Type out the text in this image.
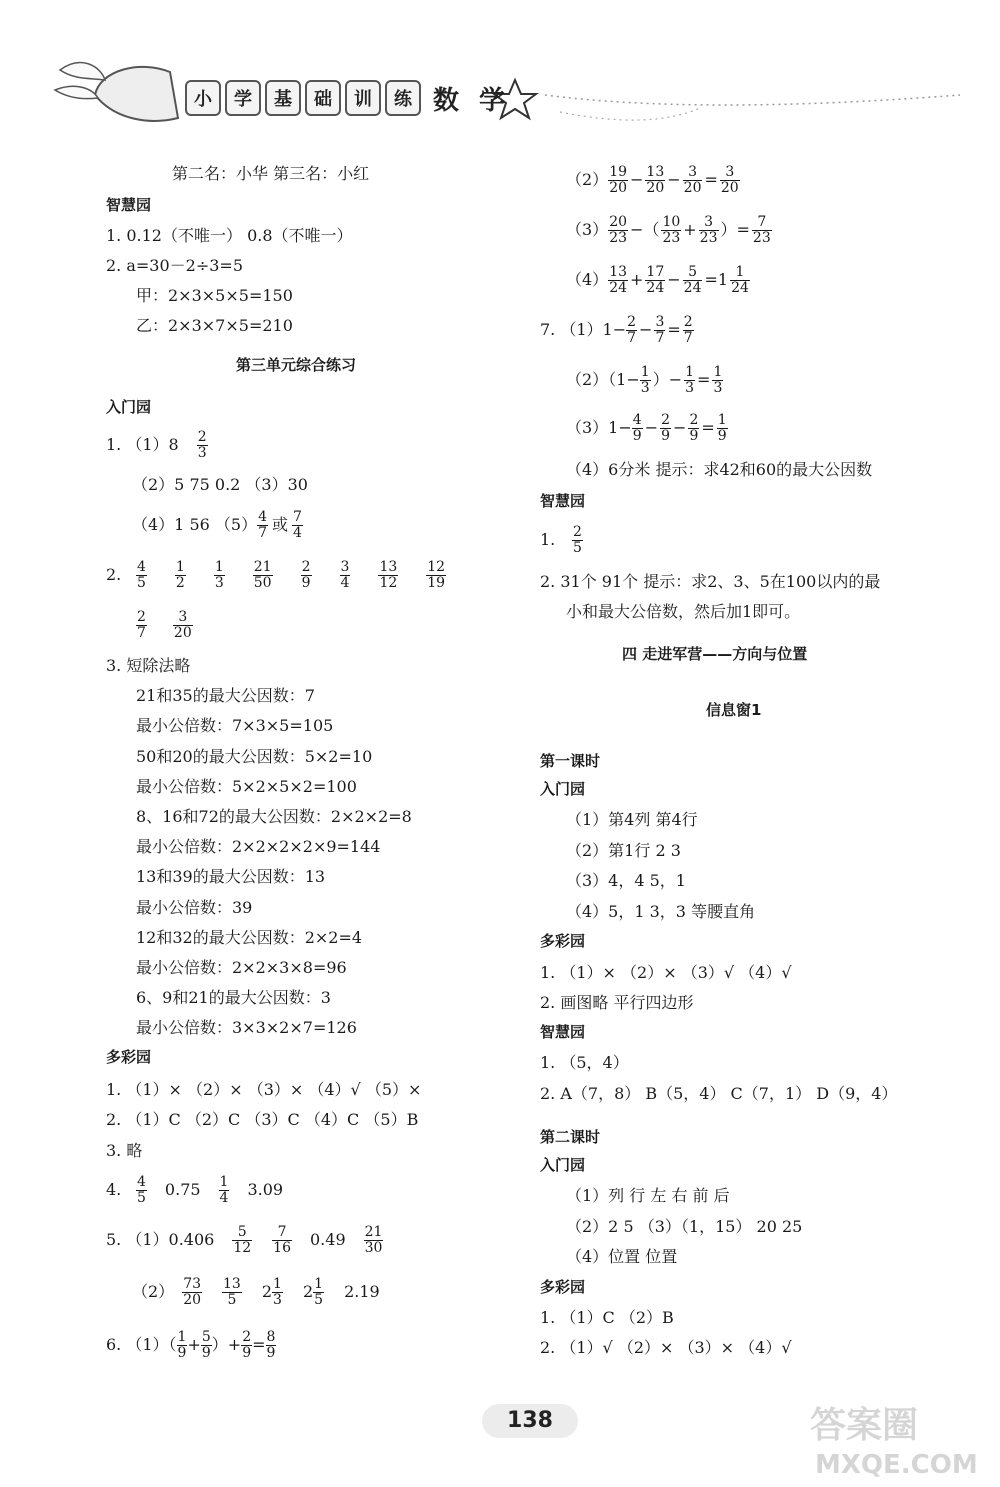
小	学	基	础	训	练 数 学
第二名：小华 第三名：小红
智慧园
1. 0.12（不唯一） 0.8（不唯一）
2. a=30－2÷3=5
甲：2×3×5×5=150
乙：2×3×7×5=210
第三单元综合练习
入门园
1. $(1)8 \frac{2}{3}$
（2）5 75 0.2 （3）30
（4）1 56 $(5) \frac{4}{7}$ 或 $\frac{7}{4}$
2.	$\frac{4}{5} \frac{1}{2} \frac{1}{3} \frac{21}{50} \frac{2}{9} \frac{3}{4} \frac{13}{12} \frac{12}{19}$
$\frac{2}{7} \frac{3}{20}$
3. 短除法略
21和35的最大公因数：7
最小公倍数：7×3×5=105
50和20的最大公因数：5×2=10
最小公倍数：5×2×5×2=100
8、16和72的最大公因数：2×2×2=8
最小公倍数：2×2×2×2×9=144
13和39的最大公因数：13
最小公倍数：39
12和32的最大公因数：2×2=4
最小公倍数：2×2×3×8=96
6、9和21的最大公因数：3
最小公倍数：3×3×2×7=126
多彩园
1. （1）× （2）× （3）× （4）√ （5）×
2. （1）C （2）C （3）C （4）C （5）B
3. 略
4.	$\frac{4}{5} 0.75 \frac{1}{4} 3.09$
5. $(1)0.406 \frac{5}{12} \frac{7}{16} 0.49 \frac{21}{30}$
$(2) \frac{73}{20} \frac{13}{5} 2 \frac{1}{3} 2 \frac{1}{5} 2.19$
6. $(1)( \frac{1}{9} + \frac{5}{9}$ ）+ $\frac{2}{9} = \frac{8}{9}$
$(2) \frac{19}{20} - \frac{13}{20} - \frac{3}{20} = \frac{3}{20}$
$(3) \frac{20}{23}$ −（ $\frac{10}{23} + \frac{3}{23}$ ）= $\frac{7}{23}$
$(4) \frac{13}{24} + \frac{17}{24} - \frac{5}{24} =1 \frac{1}{24}$
7. $(1)1- \frac{2}{7} - \frac{3}{7} = \frac{2}{7}$
$(2)(1- \frac{1}{3}$ ）− $\frac{1}{3} = \frac{1}{3}$
$(3)1- \frac{4}{9} - \frac{2}{9} - \frac{2}{9} = \frac{1}{9}$
（4）6分米 提示：求42和60的最大公因数
智慧园
1.	$\frac{2}{5}$
2. 31个 91个 提示：求2、3、5在100以内的最
小和最大公倍数，然后加1即可。
四 走进军营——方向与位置
信息窗1
第一课时
入门园
（1）第4列 第4行
（2）第1行 2 3
（3）4，4 5，1
（4）5，1 3，3 等腰直角
多彩园
1. （1）× （2）× （3）√ （4）√
2. 画图略 平行四边形
智慧园
1. （5，4）
2. A（7，8） B（5，4） C（7，1） D（9，4）
第二课时
入门园
（1）列 行 左 右 前 后
（2）2 5 （3）（1，15） 20 25
（4）位置 位置
多彩园
1. （1）C （2）B
2. （1）√ （2）× （3）× （4）√
138	答案圈
MXQE.COM
